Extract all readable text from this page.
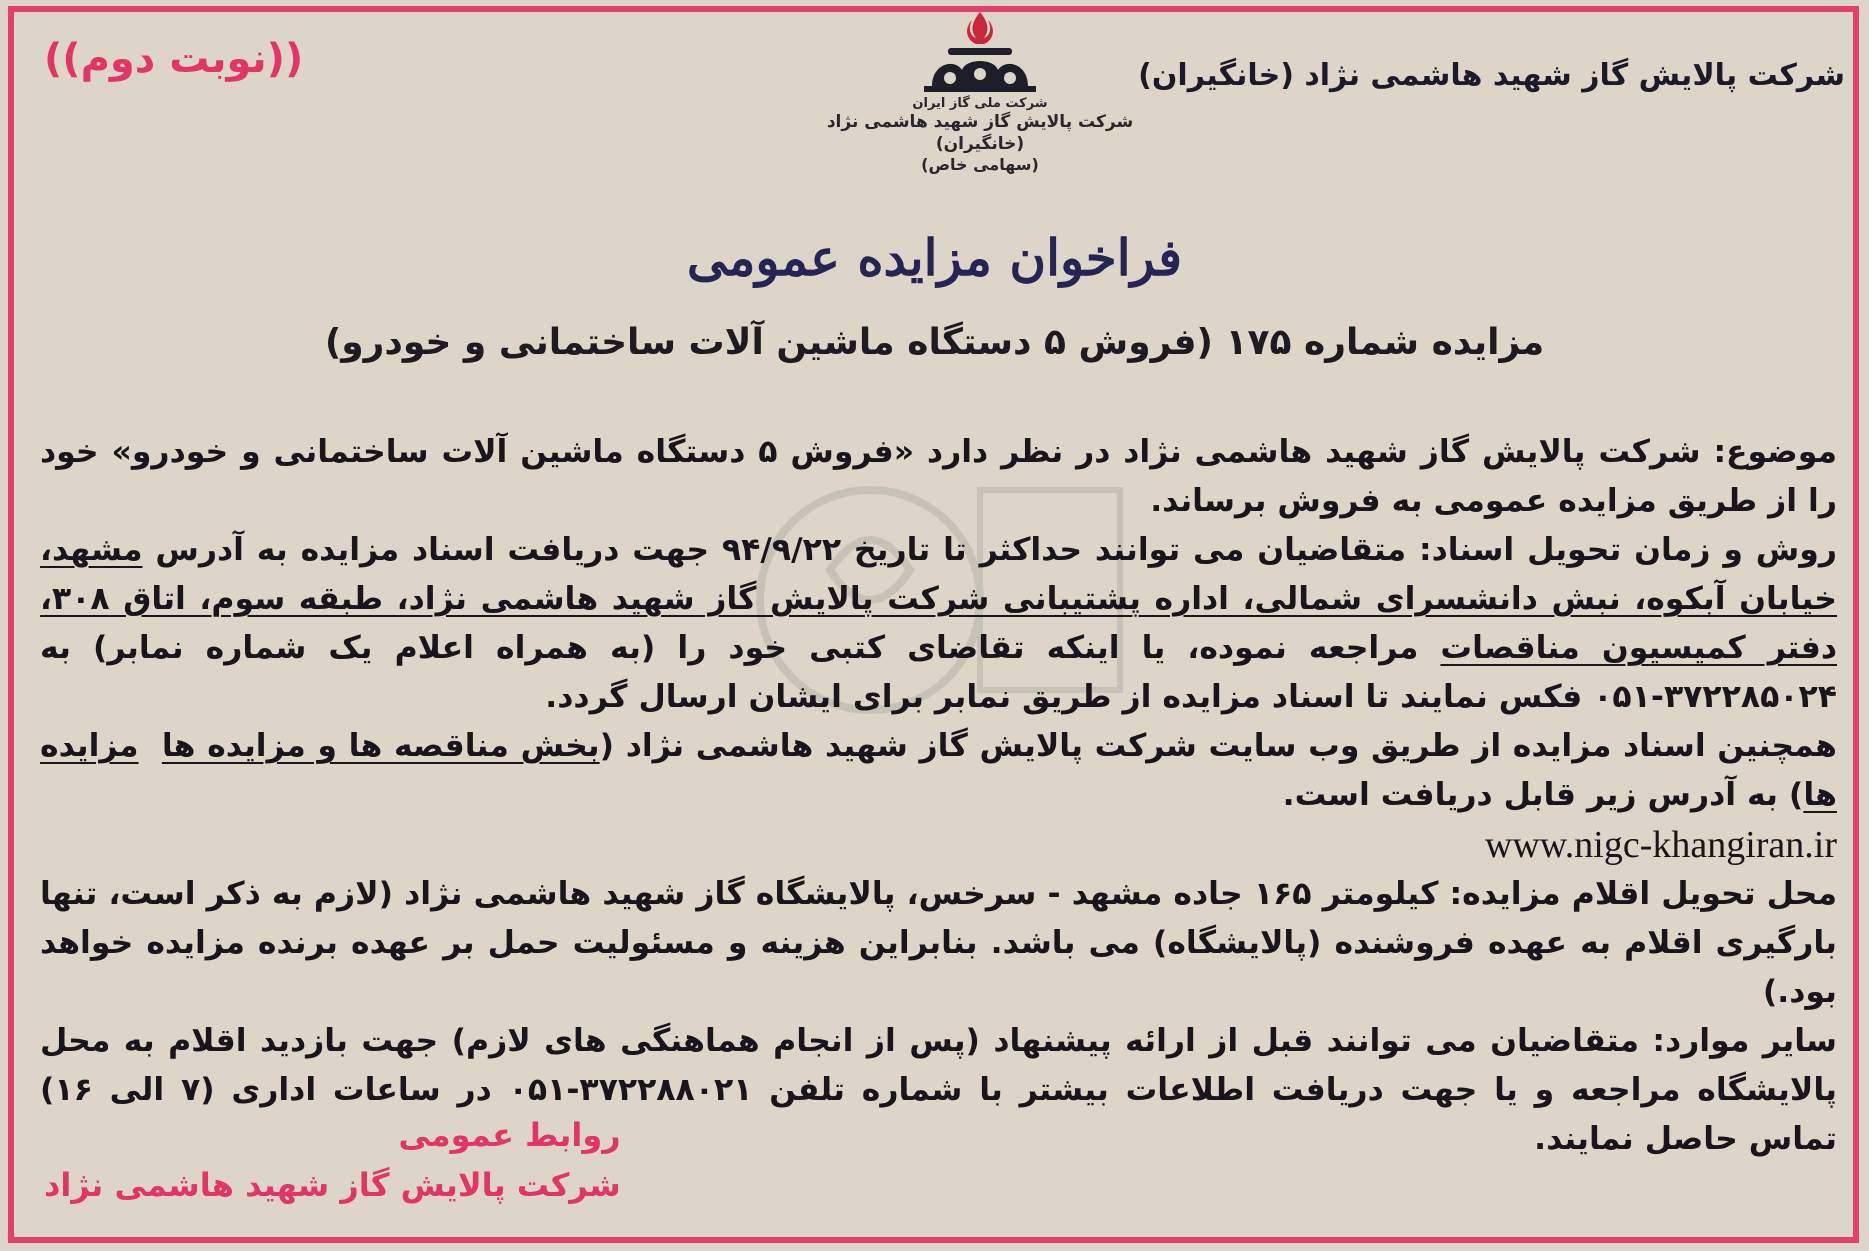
شرکت پالایش گاز شهید هاشمی نژاد (خانگیران)
((نوبت دوم))
شرکت ملی گاز ایران
شرکت پالایش گاز شهید هاشمی نژاد (خانگیران)
(سهامی خاص)
فراخوان مزایده عمومی
مزایده شماره ۱۷۵ (فروش ۵ دستگاه ماشین آلات ساختمانی و خودرو)

موضوع: شرکت پالایش گاز شهید هاشمی نژاد در نظر دارد «فروش ۵ دستگاه ماشین آلات ساختمانی و خودرو» خود را از طریق مزایده عمومی به فروش برساند.

روش و زمان تحویل اسناد: متقاضیان می توانند حداکثر تا تاریخ ۹۴/۹/۲۲ جهت دریافت اسناد مزایده به آدرس مشهد، خیابان آبکوه، نبش دانشسرای شمالی، اداره پشتیبانی شرکت پالایش گاز شهید هاشمی نژاد، طبقه سوم، اتاق ۳۰۸، دفتر کمیسیون مناقصات مراجعه نموده، یا اینکه تقاضای کتبی خود را (به همراه اعلام یک شماره نمابر) به ۳۷۲۲۸۵۰۲۴-۰۵۱ فکس نمایند تا اسناد مزایده از طریق نمابر برای ایشان ارسال گردد.

همچنین اسناد مزایده از طریق وب سایت شرکت پالایش گاز شهید هاشمی نژاد (بخش مناقصه ها و مزایده ها  مزایده ها) به آدرس زیر قابل دریافت است.

www.nigc-khangiran.ir

محل تحویل اقلام مزایده: کیلومتر ۱۶۵ جاده مشهد - سرخس، پالایشگاه گاز شهید هاشمی نژاد (لازم به ذکر است، تنها بارگیری اقلام به عهده فروشنده (پالایشگاه) می باشد. بنابراین هزینه و مسئولیت حمل بر عهده برنده مزایده خواهد بود.)

سایر موارد: متقاضیان می توانند قبل از ارائه پیشنهاد (پس از انجام هماهنگی های لازم) جهت بازدید اقلام به محل پالایشگاه مراجعه و یا جهت دریافت اطلاعات بیشتر با شماره تلفن ۳۷۲۲۸۸۰۲۱-۰۵۱ در ساعات اداری (۷ الی ۱۶) تماس حاصل نمایند.

روابط عمومی
شرکت پالایش گاز شهید هاشمی نژاد
